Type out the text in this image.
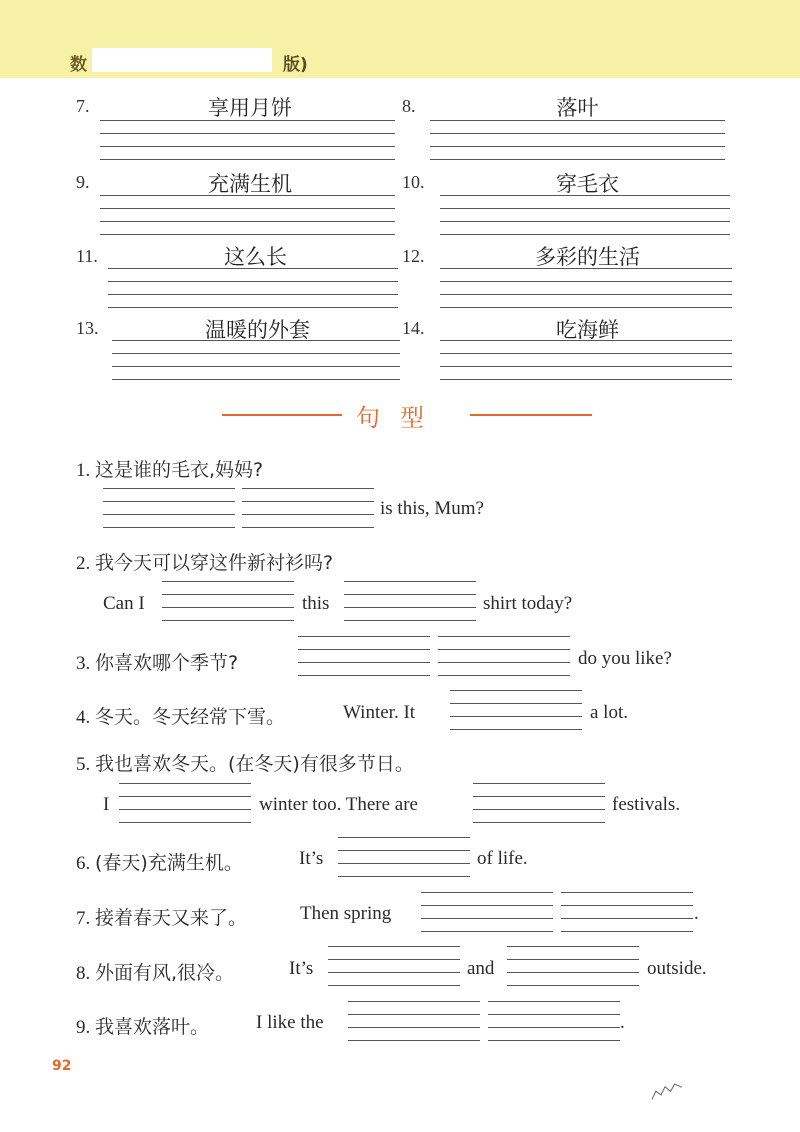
数	版)
7.	享用月饼	8.	落叶
9.	充满生机	10.	穿毛衣
11.	这么长	12.	多彩的生活
13.	温暖的外套	14.	吃海鲜
句型
1. 这是谁的毛衣,妈妈?
is this, Mum?
2. 我今天可以穿这件新衬衫吗?
Can I	this	shirt today?
3. 你喜欢哪个季节?	do you like?
4. 冬天。冬天经常下雪。	Winter. It	a lot.
5. 我也喜欢冬天。(在冬天)有很多节日。
I	winter too. There are	festivals.
6. (春天)充满生机。	It’s	of life.
7. 接着春天又来了。	Then spring	.
8. 外面有风,很冷。	It’s	and	outside.
9. 我喜欢落叶。 I like the	.
92
